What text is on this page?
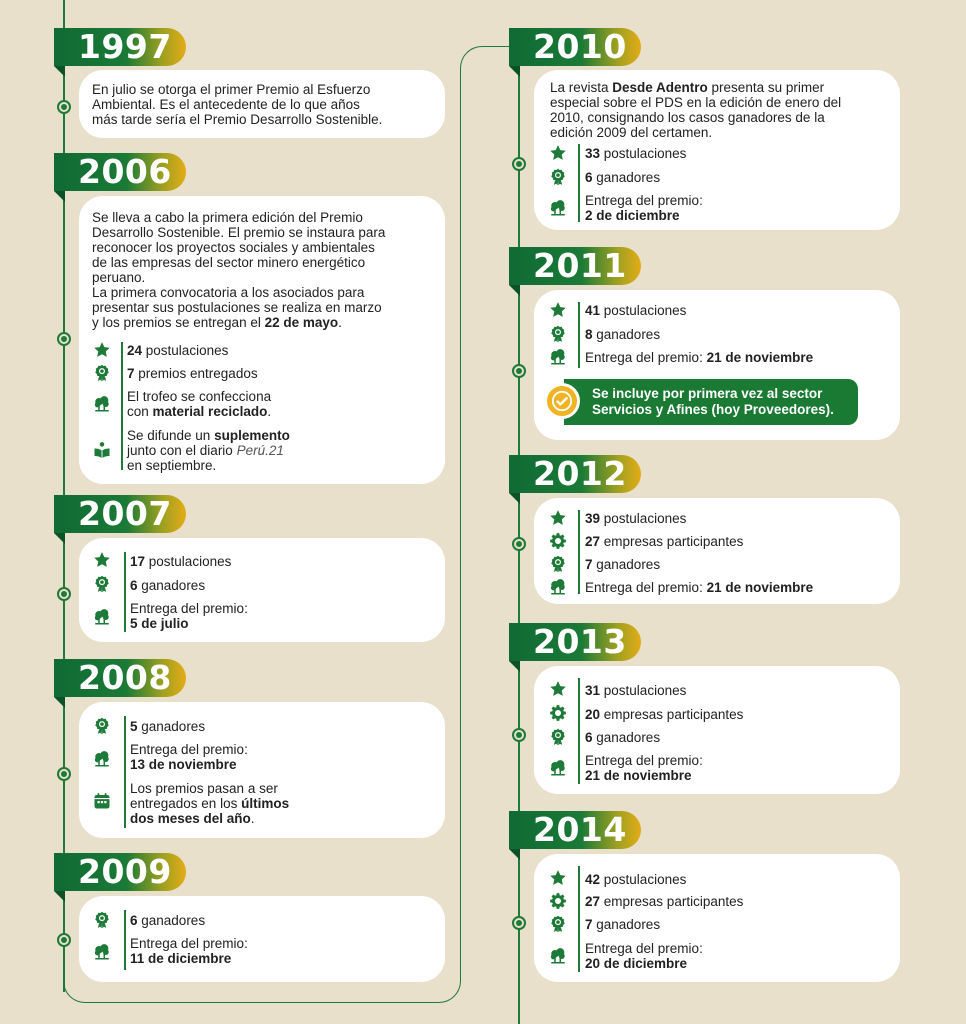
1997
En julio se otorga el primer Premio al Esfuerzo
Ambiental. Es el antecedente de lo que años
más tarde sería el Premio Desarrollo Sostenible.
2006
Se lleva a cabo la primera edición del Premio
Desarrollo Sostenible. El premio se instaura para
reconocer los proyectos sociales y ambientales
de las empresas del sector minero energético
peruano.
La primera convocatoria a los asociados para
presentar sus postulaciones se realiza en marzo
y los premios se entregan el 22 de mayo.
24 postulaciones
7 premios entregados
El trofeo se confecciona
con material reciclado.
Se difunde un suplemento
junto con el diario Perú.21
en septiembre.
2007
17 postulaciones
6 ganadores
Entrega del premio:
5 de julio
2008
5 ganadores
Entrega del premio:
13 de noviembre
Los premios pasan a ser
entregados en los últimos
dos meses del año.
2009
6 ganadores
Entrega del premio:
11 de diciembre
2010
La revista Desde Adentro presenta su primer
especial sobre el PDS en la edición de enero del
2010, consignando los casos ganadores de la
edición 2009 del certamen.
33 postulaciones
6 ganadores
Entrega del premio:
2 de diciembre
2011
41 postulaciones
8 ganadores
Entrega del premio: 21 de noviembre
Se incluye por primera vez al sector
Servicios y Afines (hoy Proveedores).
2012
39 postulaciones
27 empresas participantes
7 ganadores
Entrega del premio: 21 de noviembre
2013
31 postulaciones
20 empresas participantes
6 ganadores
Entrega del premio:
21 de noviembre
2014
42 postulaciones
27 empresas participantes
7 ganadores
Entrega del premio:
20 de diciembre
